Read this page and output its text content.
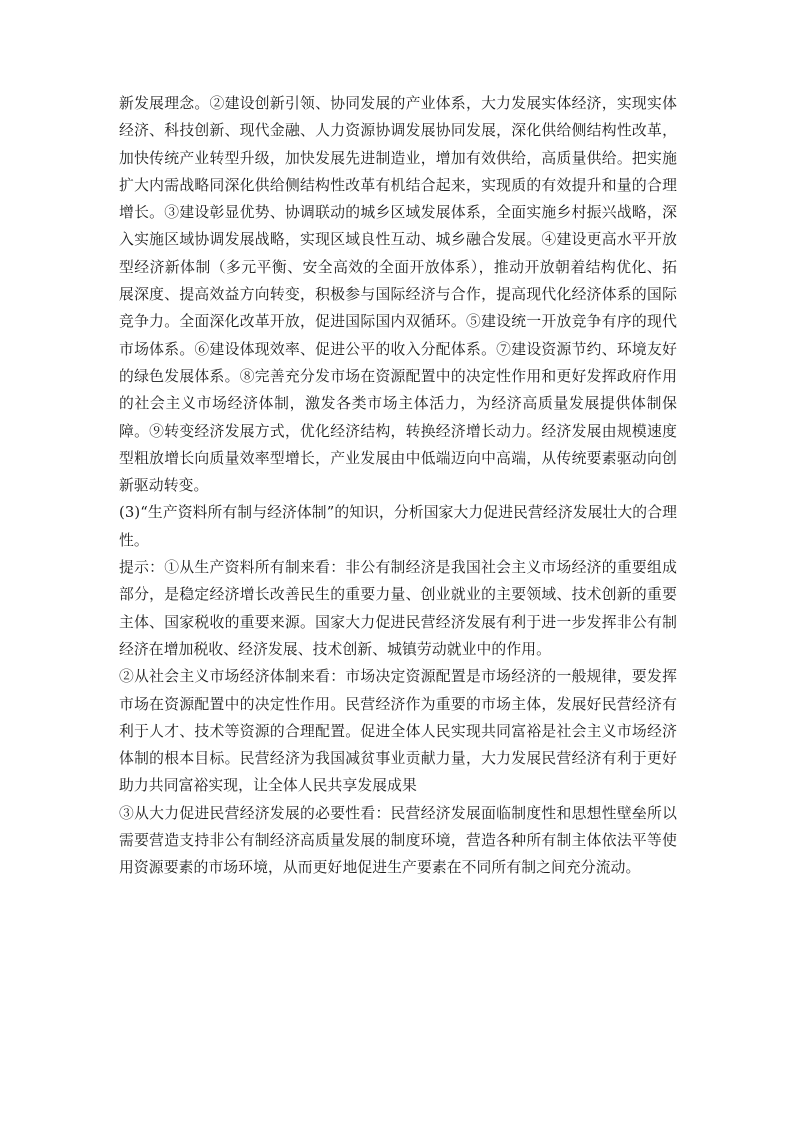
新发展理念。②建设创新引领、协同发展的产业体系，大力发展实体经济，实现实体经济、科技创新、现代金融、人力资源协调发展协同发展，深化供给侧结构性改革，加快传统产业转型升级，加快发展先进制造业，增加有效供给，高质量供给。把实施扩大内需战略同深化供给侧结构性改革有机结合起来，实现质的有效提升和量的合理增长。③建设彰显优势、协调联动的城乡区域发展体系，全面实施乡村振兴战略，深入实施区域协调发展战略，实现区域良性互动、城乡融合发展。④建设更高水平开放型经济新体制（多元平衡、安全高效的全面开放体系），推动开放朝着结构优化、拓展深度、提高效益方向转变，积极参与国际经济与合作，提高现代化经济体系的国际竞争力。全面深化改革开放，促进国际国内双循环。⑤建设统一开放竞争有序的现代市场体系。⑥建设体现效率、促进公平的收入分配体系。⑦建设资源节约、环境友好的绿色发展体系。⑧完善充分发市场在资源配置中的决定性作用和更好发挥政府作用的社会主义市场经济体制，激发各类市场主体活力，为经济高质量发展提供体制保障。⑨转变经济发展方式，优化经济结构，转换经济增长动力。经济发展由规模速度型粗放增长向质量效率型增长，产业发展由中低端迈向中高端，从传统要素驱动向创新驱动转变。

(3)“生产资料所有制与经济体制”的知识，分析国家大力促进民营经济发展壮大的合理性。

提示：①从生产资料所有制来看：非公有制经济是我国社会主义市场经济的重要组成部分，是稳定经济增长改善民生的重要力量、创业就业的主要领域、技术创新的重要主体、国家税收的重要来源。国家大力促进民营经济发展有利于进一步发挥非公有制经济在增加税收、经济发展、技术创新、城镇劳动就业中的作用。

②从社会主义市场经济体制来看：市场决定资源配置是市场经济的一般规律，要发挥市场在资源配置中的决定性作用。民营经济作为重要的市场主体，发展好民营经济有利于人才、技术等资源的合理配置。促进全体人民实现共同富裕是社会主义市场经济体制的根本目标。民营经济为我国减贫事业贡献力量，大力发展民营经济有利于更好助力共同富裕实现，让全体人民共享发展成果

③从大力促进民营经济发展的必要性看：民营经济发展面临制度性和思想性壁垒所以需要营造支持非公有制经济高质量发展的制度环境，营造各种所有制主体依法平等使用资源要素的市场环境，从而更好地促进生产要素在不同所有制之间充分流动。
